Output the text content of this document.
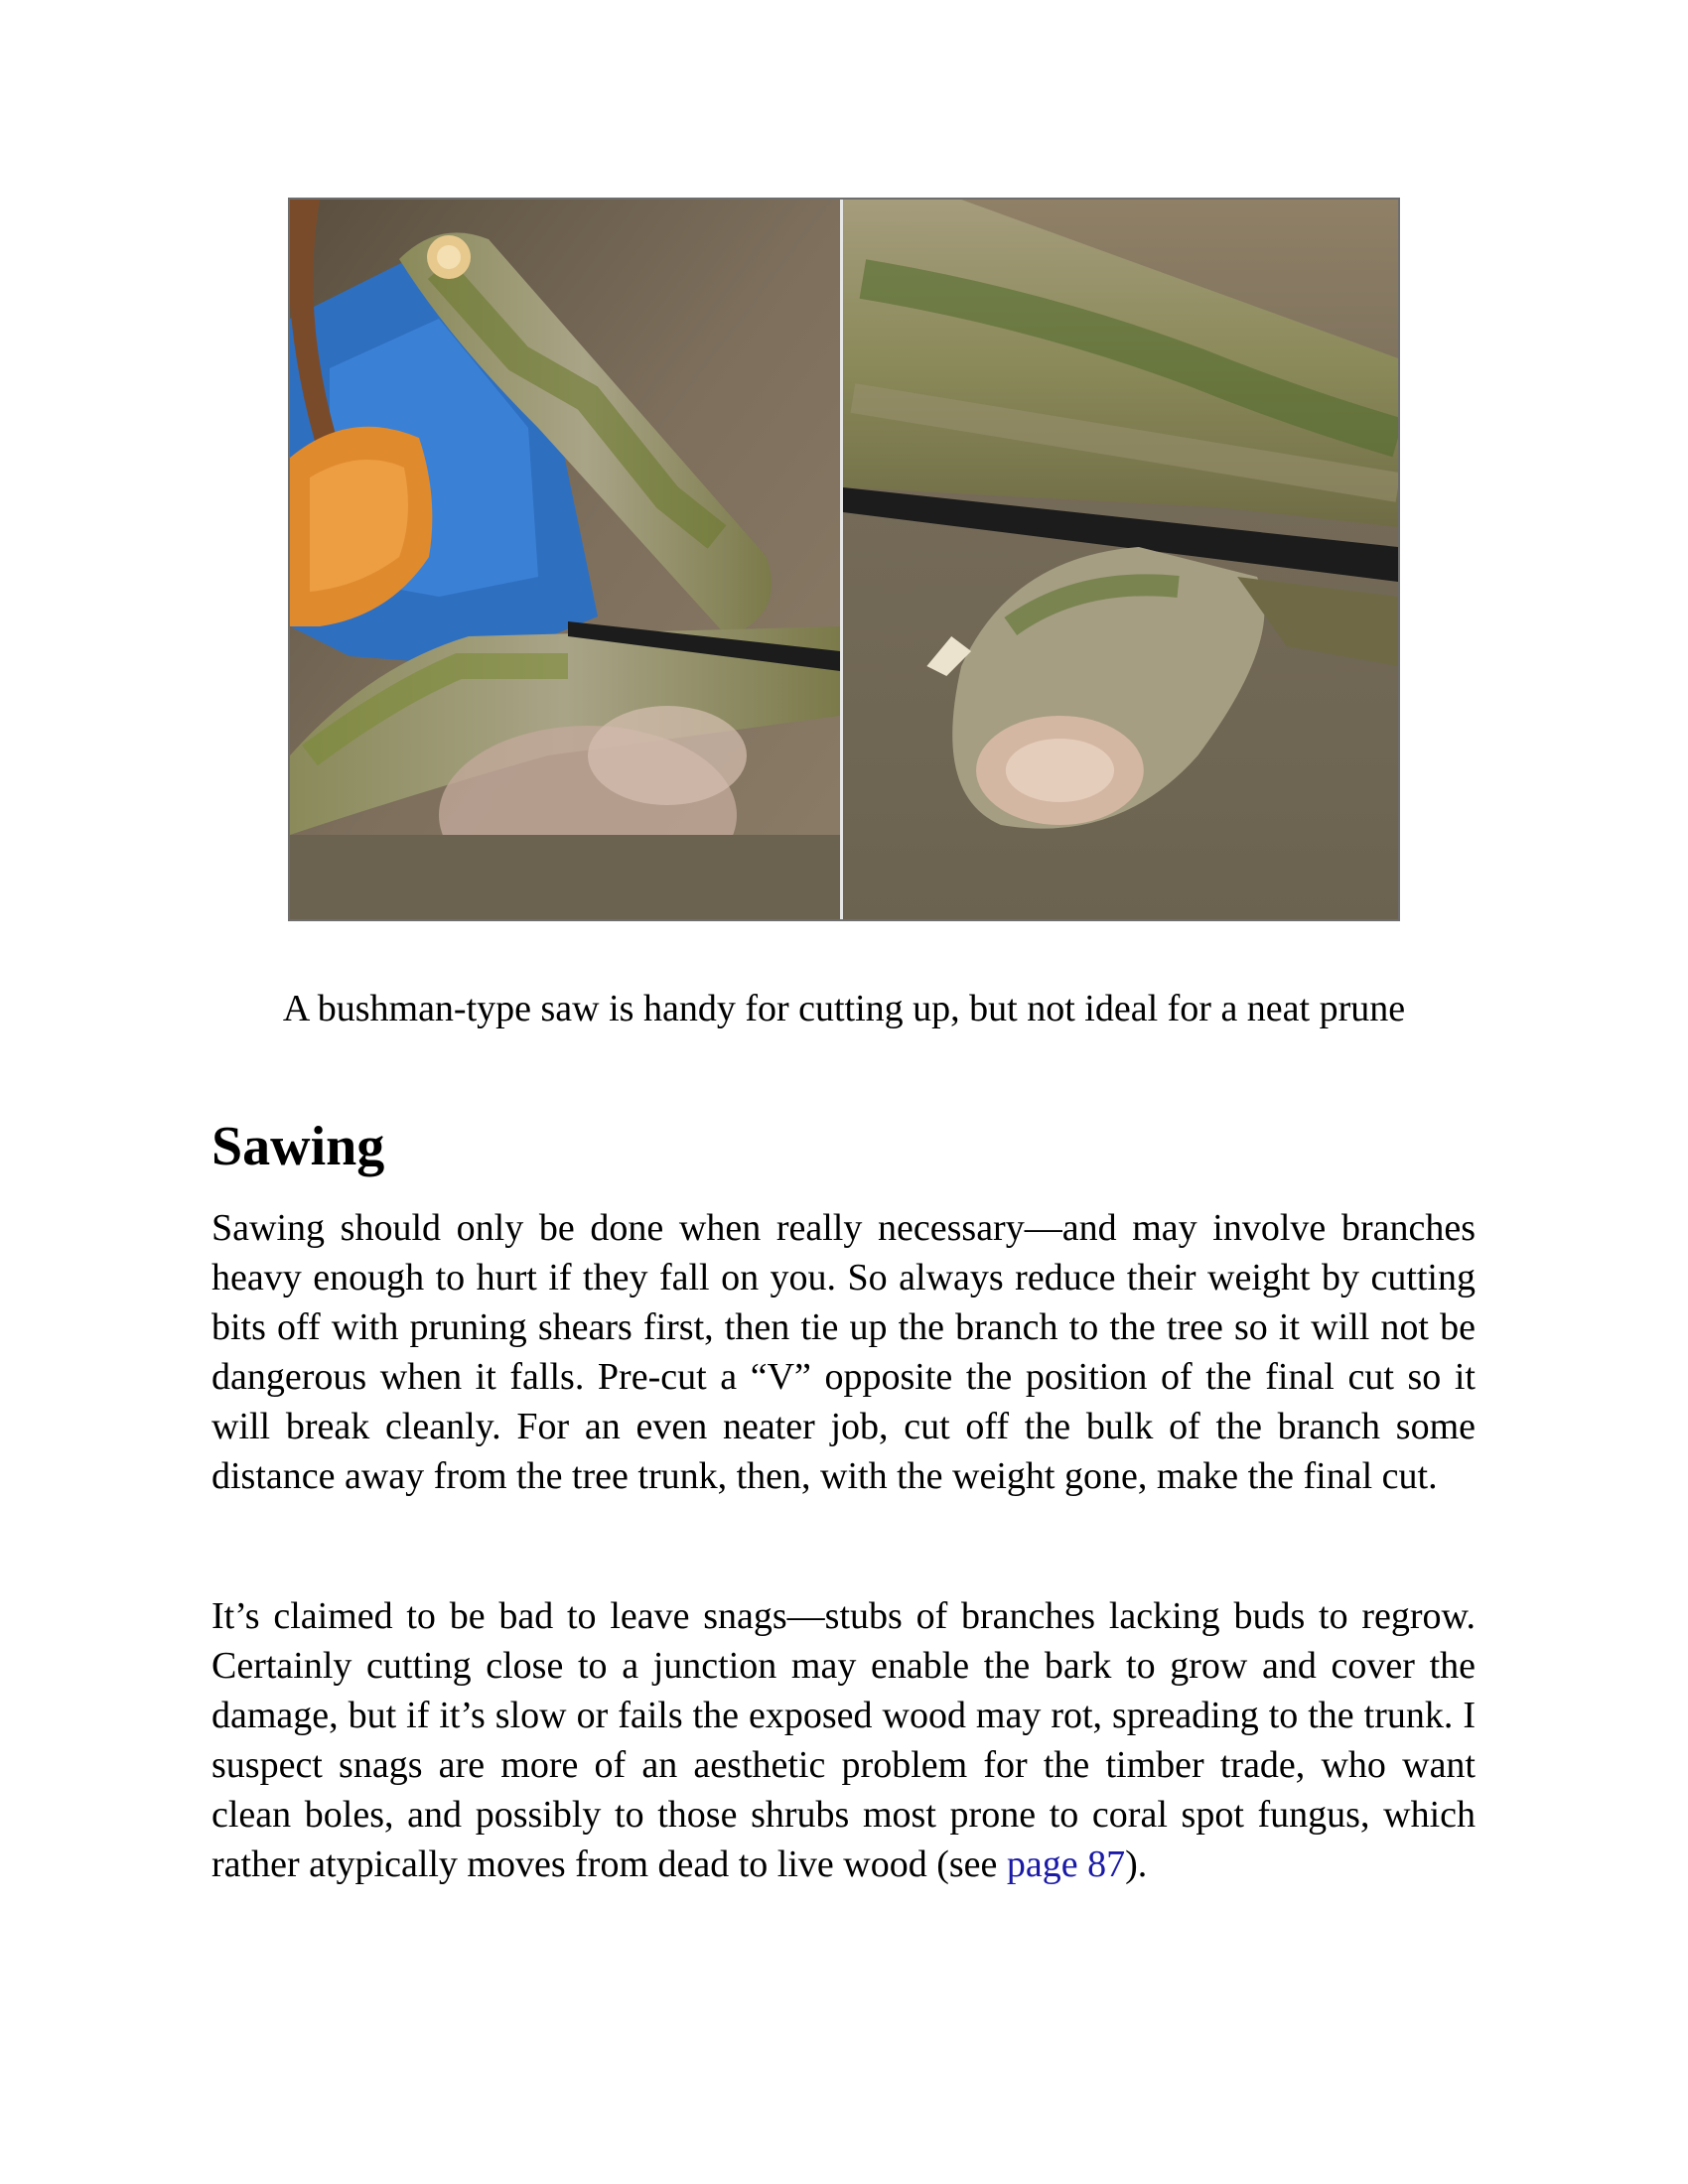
A bushman-type saw is handy for cutting up, but not ideal for a neat prune
Sawing

Sawing should only be done when really necessary—and may involve branches heavy enough to hurt if they fall on you. So always reduce their weight by cutting bits off with pruning shears first, then tie up the branch to the tree so it will not be dangerous when it falls. Pre-cut a “V” opposite the position of the final cut so it will break cleanly. For an even neater job, cut off the bulk of the branch some distance away from the tree trunk, then, with the weight gone, make the final cut.

It’s claimed to be bad to leave snags—stubs of branches lacking buds to regrow. Certainly cutting close to a junction may enable the bark to grow and cover the damage, but if it’s slow or fails the exposed wood may rot, spreading to the trunk. I suspect snags are more of an aesthetic problem for the timber trade, who want clean boles, and possibly to those shrubs most prone to coral spot fungus, which rather atypically moves from dead to live wood (see page 87).
